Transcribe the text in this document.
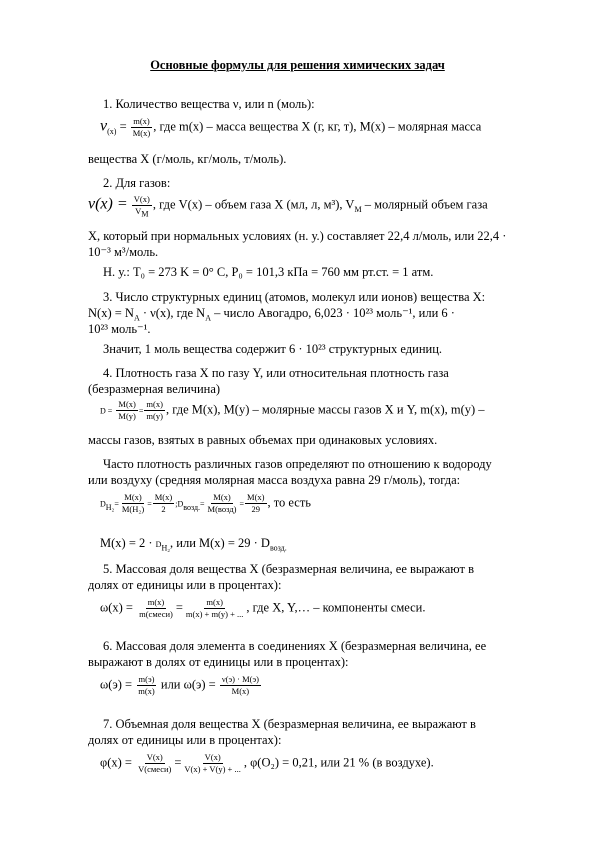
Основные формулы для решения химических задач
1. Количество вещества ν, или n (моль):
$\nu_{(x)} = \frac{m(x)}{M(x)}$ , где m(x) – масса вещества X (г, кг, т), M(x) – молярная масса
вещества X (г/моль, кг/моль, т/моль).
2. Для газов:
$\nu(x) = \frac{V(x)}{V_M}$ , где V(x) – объем газа X (мл, л, м³), $V_M$ – молярный объем газа
X, который при нормальных условиях (н. у.) составляет 22,4 л/моль, или 22,4 ·
10⁻³ м³/моль.
Н. у.: T₀ = 273 K = 0° C, P₀ = 101,3 кПа = 760 мм рт.ст. = 1 атм.
3. Число структурных единиц (атомов, молекул или ионов) вещества X:
$N(x) = N_A \cdot \nu(x)$, где $N_A$ – число Авогадро, 6,023 · 10²³ моль⁻¹, или 6 ·
10²³ моль⁻¹.
Значит, 1 моль вещества содержит 6 · 10²³ структурных единиц.
4. Плотность газа X по газу Y, или относительная плотность газа
(безразмерная величина)
$D = \frac{M(x)}{M(y)} = \frac{m(x)}{m(y)}$ , где M(x), M(y) – молярные массы газов X и Y, m(x), m(y) –
массы газов, взятых в равных объемах при одинаковых условиях.
Часто плотность различных газов определяют по отношению к водороду
или воздуху (средняя молярная масса воздуха равна 29 г/моль), тогда:
$D_{H_2}= \frac{M(x)}{\text{M(H₂)}} = \frac{M(x)}{2}$ $;D_{возд.}= \frac{M(x)}{\text{M(возд)}} = \frac{M(x)}{29}$ , то есть
$M(x) = 2 \cdot D_{H_2}$, или $M(x) = 29 \cdot D_{возд.}$
5. Массовая доля вещества X (безразмерная величина, ее выражают в
долях от единицы или в процентах):
$\omega(x) = \frac{m(x)}{\text{m(смеси)}} = \frac{m(x)}{m(x) + m(y) + ...}$ , где X, Y,… – компоненты смеси.
6. Массовая доля элемента в соединениях X (безразмерная величина, ее
выражают в долях от единицы или в процентах):
$\omega(э) = \frac{m(э)}{m(x)}$ или $\omega(э) = \frac{\nu(э) \cdot M(э)}{M(x)}$
7. Объемная доля вещества X (безразмерная величина, ее выражают в
долях от единицы или в процентах):
$\varphi(x) = \frac{V(x)}{\text{V(смеси)}} = \frac{V(x)}{V(x) + V(y) + ...}$ , φ(O₂) = 0,21, или 21 % (в воздухе).
